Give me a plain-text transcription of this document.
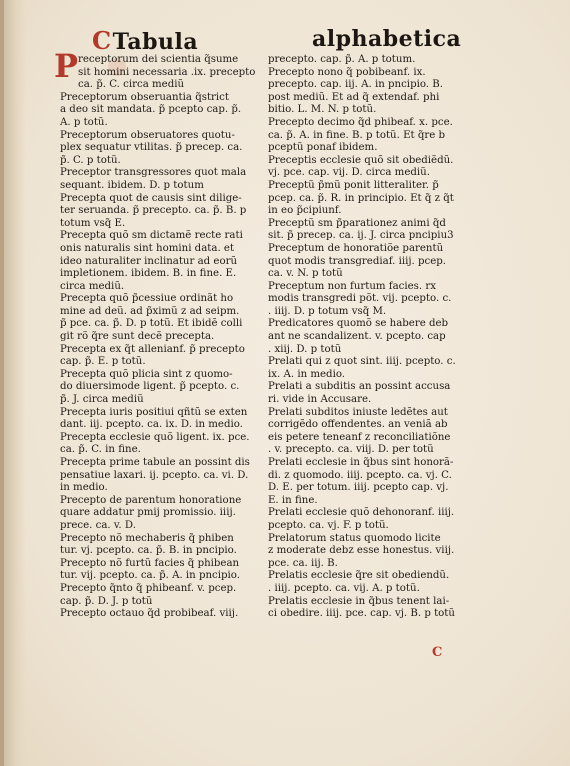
CTabula	alphabetica
P receptorum dei scientia q̃sume
sit homini necessaria .ix. precepto
ca. p̃. C. circa mediũ

Preceptorum obseruantia q̃strict
a deo sit mandata. p̃ pcepto cap. p̃.
A. p totũ.

Preceptorum obseruatores quotu-
plex sequatur vtilitas. p̃ precep. ca.
p̃. C. p totũ.

Preceptor transgressores quot mala
sequant. ibidem. D. p totum

Precepta quot de causis sint dilige-
ter seruanda. p̃ precepto. ca. p̃. B. p
totum vsq̃ E.

Precepta quõ sm dictamẽ recte rati
onis naturalis sint homini data. et
ideo naturaliter inclinatur ad eorũ
impletionem. ibidem. B. in fine. E.
circa mediũ.

Precepta quõ p̃cessiue ordinãt ho
mine ad deũ. ad p̃ximũ z ad seipm.
p̃ pce. ca. p̃. D. p totũ. Et ibidẽ colli
git rõ q̃re sunt decẽ precepta.

Precepta ex q̃t allenianf. p̃ precepto
cap. p̃. E. p totũ.

Precepta quõ plicia sint z quomo-
do diuersimode ligent. p̃ pcepto. c.
p̃. J. circa mediũ

Precepta iuris positiui qñtũ se exten
dant. iij. pcepto. ca. ix. D. in medio.

Precepta ecclesie quõ ligent. ix. pce.
ca. p̃. C. in fine.

Precepta prime tabule an possint dis
pensatiue laxari. ij. pcepto. ca. vi. D.
in medio.

Precepto de parentum honoratione
quare addatur pmij promissio. iiij.
prece. ca. v. D.

Precepto nõ mechaberis q̃ phiben
tur. vj. pcepto. ca. p̃. B. in pncipio.

Precepto nõ furtũ facies q̃ phibean
tur. vij. pcepto. ca. p̃. A. in pncipio.

Precepto q̃nto q̃ phibeanf. v. pcep.
cap. p̃. D. J. p totũ

Precepto octauo q̃d probibeaf. viij.

precepto. cap. p̃. A. p totum.

Precepto nono q̃ pobibeanf. ix.
precepto. cap. iij. A. in pncipio. B.
post mediũ. Et ad q̃ extendaf. phi
bitio. L. M. N. p totũ.

Precepto decimo q̃d phibeaf. x. pce.
ca. p̃. A. in fine. B. p totũ. Et q̃re b
pceptũ ponaf ibidem.

Preceptis ecclesie quõ sit obediẽdũ.
vj. pce. cap. vij. D. circa mediũ.

Preceptũ p̃mũ ponit litteraliter. p̃
pcep. ca. p̃. R. in principio. Et q̃ z q̃t
in eo p̃cipiunf.

Preceptũ sm p̃parationez animi q̃d
sit. p̃ precep. ca. ij. J. circa pncipiu3

Preceptum de honoratiõe parentũ
quot modis transgrediaf. iiij. pcep.
ca. v. N. p totũ

Preceptum non furtum facies. rx
modis transgredi põt. vij. pcepto. c.
. iiij. D. p totum vsq̃ M.

Predicatores quomõ se habere deb
ant ne scandalizent. v. pcepto. cap
. xiij. D. p totũ

Prelati qui z quot sint. iiij. pcepto. c.
ix. A. in medio.

Prelati a subditis an possint accusa
ri. vide in Accusare.

Prelati subditos iniuste ledẽtes aut
corrigẽdo offendentes. an veniã ab
eis petere teneanf z reconciliatiõne
. v. precepto. ca. viij. D. per totũ

Prelati ecclesie in q̃bus sint honorã-
di. z quomodo. iiij. pcepto. ca. vj. C.
D. E. per totum. iiij. pcepto cap. vj.
E. in fine.

Prelati ecclesie quõ dehonoranf. iiij.
pcepto. ca. vj. F. p totũ.

Prelatorum status quomodo licite
z moderate debz esse honestus. viij.
pce. ca. iij. B.

Prelatis ecclesie q̃re sit obediendũ.
. iiij. pcepto. ca. vij. A. p totũ.

Prelatis ecclesie in q̃bus tenent lai-
ci obedire. iiij. pce. cap. vj. B. p totũ

C
